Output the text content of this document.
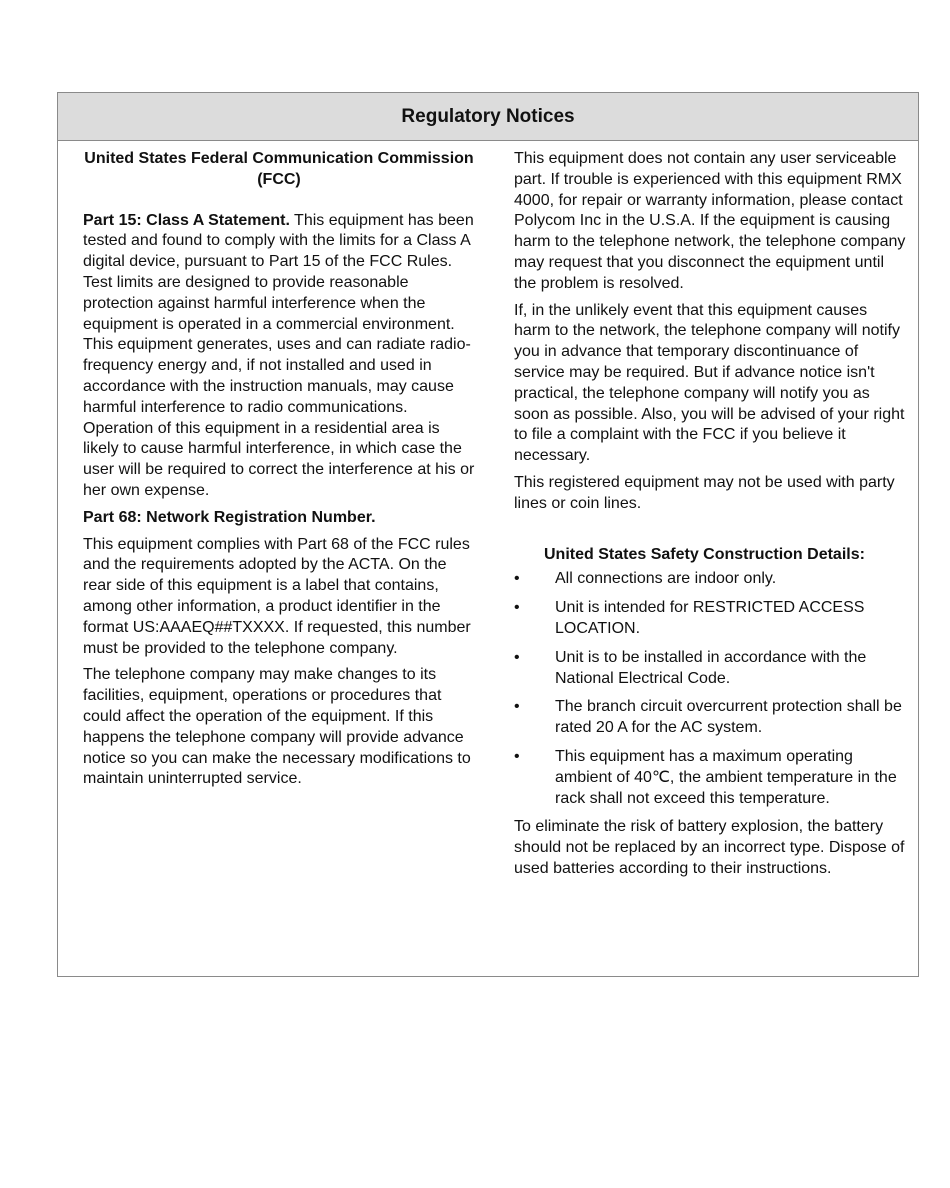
Regulatory Notices
United States Federal Communication Commission (FCC)

Part 15: Class A Statement. This equipment has been tested and found to comply with the limits for a Class A digital device, pursuant to Part 15 of the FCC Rules. Test limits are designed to provide reasonable protection against harmful interference when the equipment is operated in a commercial environment. This equipment generates, uses and can radiate radio-frequency energy and, if not installed and used in accordance with the instruction manuals, may cause harmful interference to radio communications. Operation of this equipment in a residential area is likely to cause harmful interference, in which case the user will be required to correct the interference at his or her own expense.

Part 68: Network Registration Number.

This equipment complies with Part 68 of the FCC rules and the requirements adopted by the ACTA. On the rear side of this equipment is a label that contains, among other information, a product identifier in the format US:AAAEQ##TXXXX. If requested, this number must be provided to the telephone company.

The telephone company may make changes to its facilities, equipment, operations or procedures that could affect the operation of the equipment. If this happens the telephone company will provide advance notice so you can make the necessary modifications to maintain uninterrupted service.

This equipment does not contain any user serviceable part. If trouble is experienced with this equipment RMX 4000, for repair or warranty information, please contact Polycom Inc in the U.S.A. If the equipment is causing harm to the telephone network, the telephone company may request that you disconnect the equipment until the problem is resolved.

If, in the unlikely event that this equipment causes harm to the network, the telephone company will notify you in advance that temporary discontinuance of service may be required. But if advance notice isn't practical, the telephone company will notify you as soon as possible. Also, you will be advised of your right to file a complaint with the FCC if you believe it necessary.

This registered equipment may not be used with party lines or coin lines.

United States Safety Construction Details:
• All connections are indoor only.
• Unit is intended for RESTRICTED ACCESS LOCATION.
• Unit is to be installed in accordance with the National Electrical Code.
• The branch circuit overcurrent protection shall be rated 20 A for the AC system.
• This equipment has a maximum operating ambient of 40℃, the ambient temperature in the rack shall not exceed this temperature.

To eliminate the risk of battery explosion, the battery should not be replaced by an incorrect type. Dispose of used batteries according to their instructions.
